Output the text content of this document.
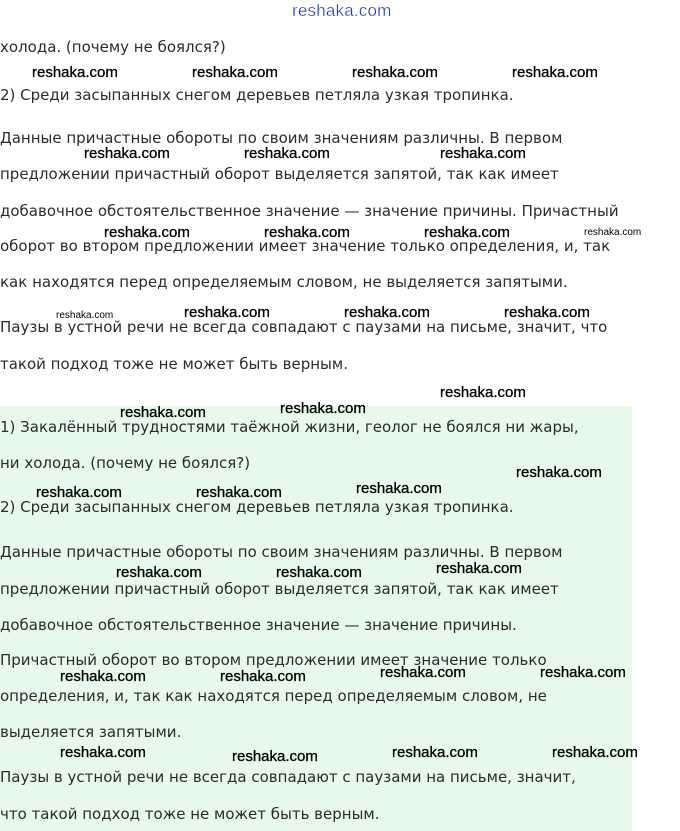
reshaka.com
холода. (почему не боялся?)
2) Среди засыпанных снегом деревьев петляла узкая тропинка.
Данные причастные обороты по своим значениям различны. В первом
предложении причастный оборот выделяется запятой, так как имеет
добавочное обстоятельственное значение — значение причины. Причастный
оборот во втором предложении имеет значение только определения, и, так
как находятся перед определяемым словом, не выделяется запятыми.
Паузы в устной речи не всегда совпадают с паузами на письме, значит, что
такой подход тоже не может быть верным.
1) Закалённый трудностями таёжной жизни, геолог не боялся ни жары,
ни холода. (почему не боялся?)
2) Среди засыпанных снегом деревьев петляла узкая тропинка.
Данные причастные обороты по своим значениям различны. В первом
предложении причастный оборот выделяется запятой, так как имеет
добавочное обстоятельственное значение — значение причины.
Причастный оборот во втором предложении имеет значение только
определения, и, так как находятся перед определяемым словом, не
выделяется запятыми.
Паузы в устной речи не всегда совпадают с паузами на письме, значит,
что такой подход тоже не может быть верным.
reshaka.com	reshaka.com	reshaka.com	reshaka.com
reshaka.com	reshaka.com	reshaka.com
reshaka.com	reshaka.com	reshaka.com	reshaka.com
reshaka.com	reshaka.com	reshaka.com	reshaka.com
reshaka.com
reshaka.com
reshaka.com
reshaka.com
reshaka.com
reshaka.com	reshaka.com
reshaka.com
reshaka.com	reshaka.com
reshaka.com	reshaka.com
reshaka.com	reshaka.com
reshaka.com	reshaka.com	reshaka.com	reshaka.com
